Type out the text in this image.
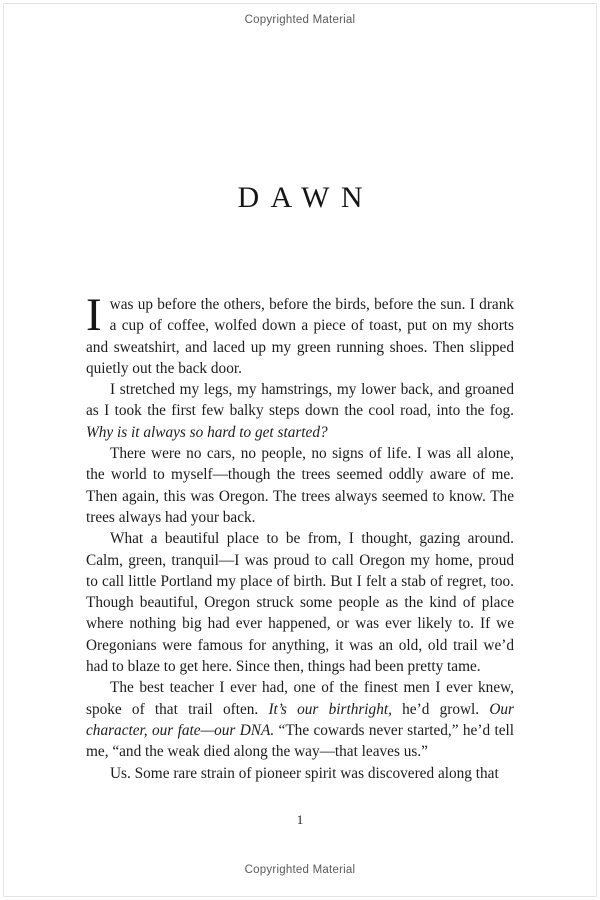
Copyrighted Material
DAWN

Iwas up before the others, before the birds, before the sun. I drank a cup of coffee, wolfed down a piece of toast, put on my shorts and sweatshirt, and laced up my green running shoes. Then slipped quietly out the back door.

I stretched my legs, my hamstrings, my lower back, and groaned as I took the first few balky steps down the cool road, into the fog. Why is it always so hard to get started?

There were no cars, no people, no signs of life. I was all alone, the world to myself—though the trees seemed oddly aware of me. Then again, this was Oregon. The trees always seemed to know. The trees always had your back.

What a beautiful place to be from, I thought, gazing around. Calm, green, tranquil—I was proud to call Oregon my home, proud to call little Portland my place of birth. But I felt a stab of regret, too. Though beautiful, Oregon struck some people as the kind of place where nothing big had ever happened, or was ever likely to. If we Oregonians were famous for anything, it was an old, old trail we’d had to blaze to get here. Since then, things had been pretty tame.

The best teacher I ever had, one of the finest men I ever knew, spoke of that trail often. It’s our birthright, he’d growl. Our character, our fate—our DNA. “The cowards never started,” he’d tell me, “and the weak died along the way—that leaves us.”

Us. Some rare strain of pioneer spirit was discovered along that

1
Copyrighted Material
